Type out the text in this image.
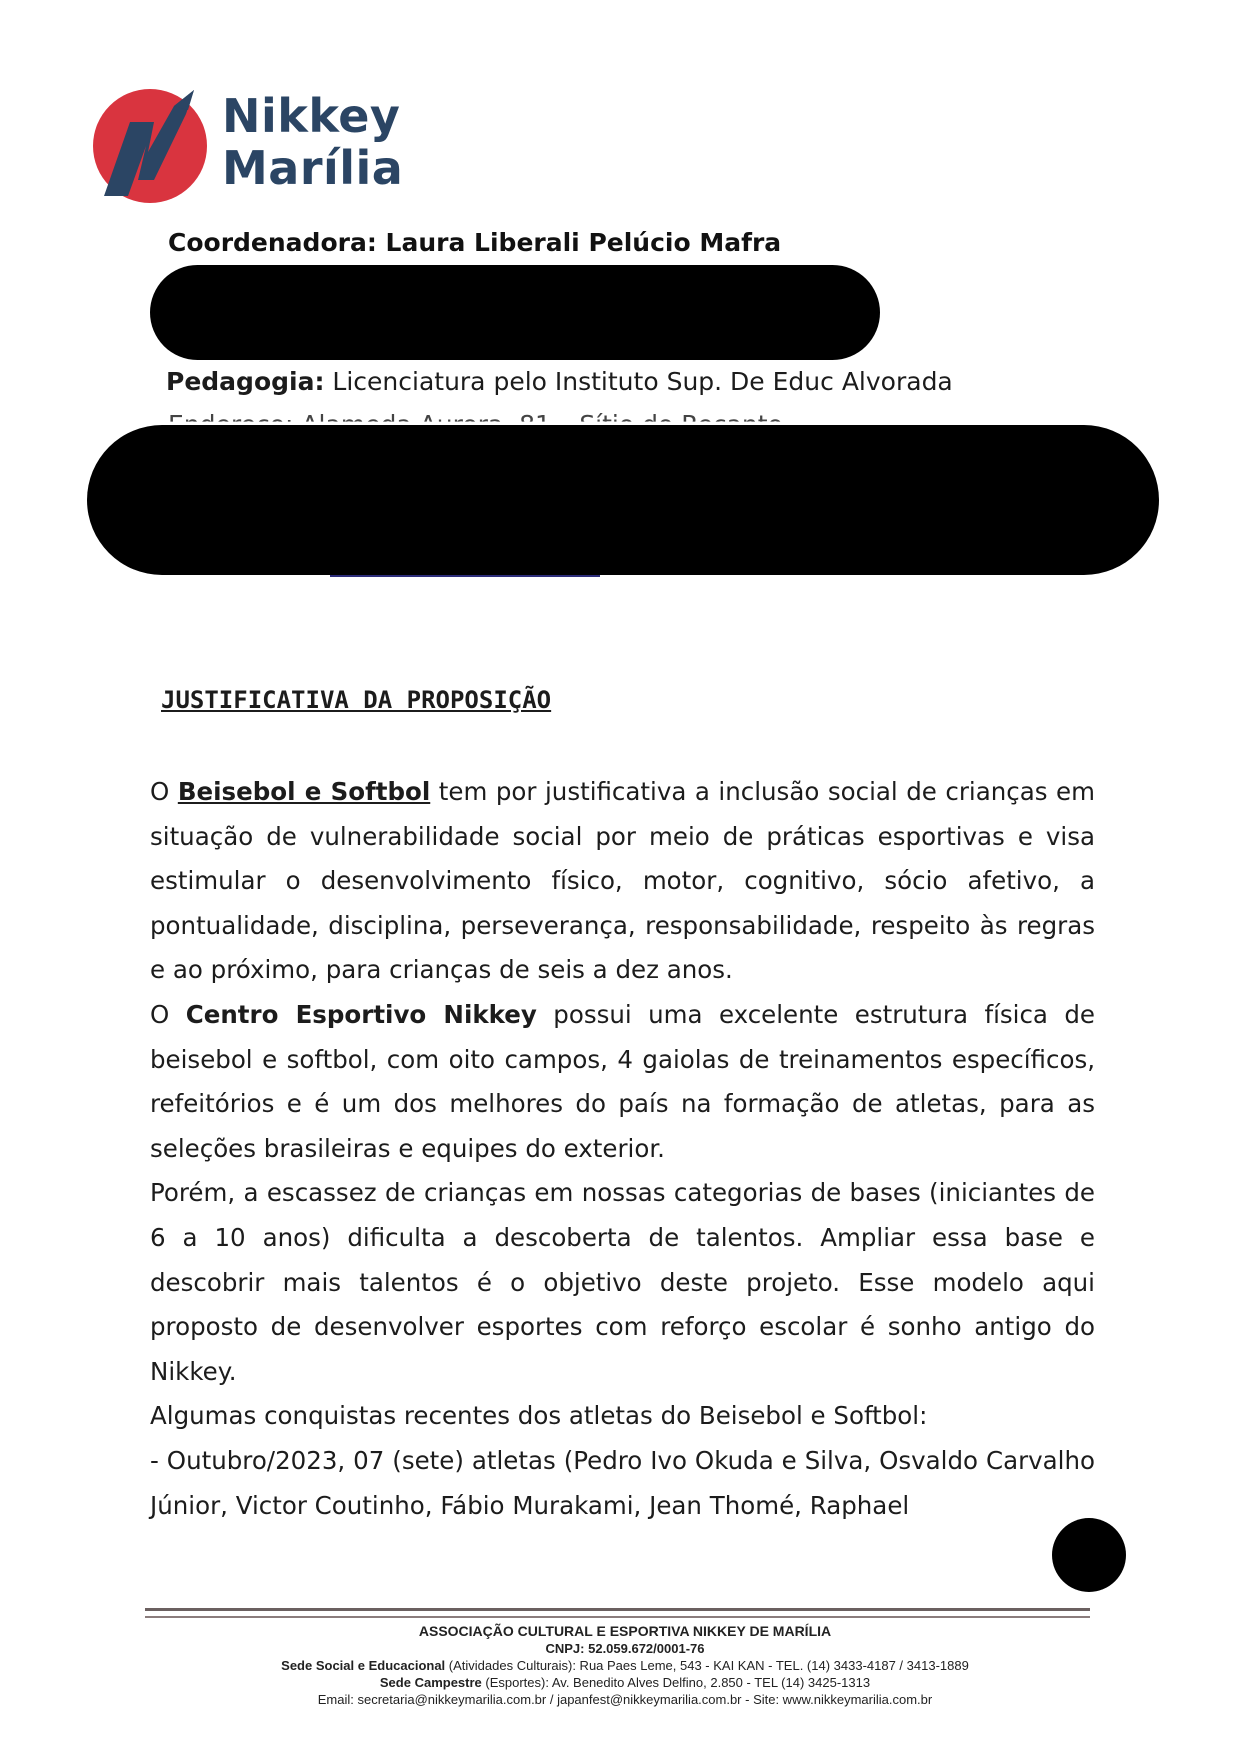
Nikkey
Marília
Coordenadora: Laura Liberali Pelúcio Mafra
Pedagogia: Licenciatura pelo Instituto Sup. De Educ Alvorada
JUSTIFICATIVA DA PROPOSIÇÃO

O Beisebol e Softbol tem por justificativa a inclusão social de crianças em situação de vulnerabilidade social por meio de práticas esportivas e visa estimular o desenvolvimento físico, motor, cognitivo, sócio afetivo, a pontualidade, disciplina, perseverança, responsabilidade, respeito às regras e ao próximo, para crianças de seis a dez anos.

O Centro Esportivo Nikkey possui uma excelente estrutura física de beisebol e softbol, com oito campos, 4 gaiolas de treinamentos específicos, refeitórios e é um dos melhores do país na formação de atletas, para as seleções brasileiras e equipes do exterior.

Porém, a escassez de crianças em nossas categorias de bases (iniciantes de 6 a 10 anos) dificulta a descoberta de talentos. Ampliar essa base e descobrir mais talentos é o objetivo deste projeto. Esse modelo aqui proposto de desenvolver esportes com reforço escolar é sonho antigo do Nikkey.

Algumas conquistas recentes dos atletas do Beisebol e Softbol:

- Outubro/2023, 07 (sete) atletas (Pedro Ivo Okuda e Silva, Osvaldo Carvalho Júnior, Victor Coutinho, Fábio Murakami, Jean Thomé, Raphael

ASSOCIAÇÃO CULTURAL E ESPORTIVA NIKKEY DE MARÍLIA
CNPJ: 52.059.672/0001-76
Sede Social e Educacional (Atividades Culturais): Rua Paes Leme, 543 - KAI KAN - TEL. (14) 3433-4187 / 3413-1889
Sede Campestre (Esportes): Av. Benedito Alves Delfino, 2.850 - TEL (14) 3425-1313
Email: secretaria@nikkeymarilia.com.br / japanfest@nikkeymarilia.com.br - Site: www.nikkeymarilia.com.br
